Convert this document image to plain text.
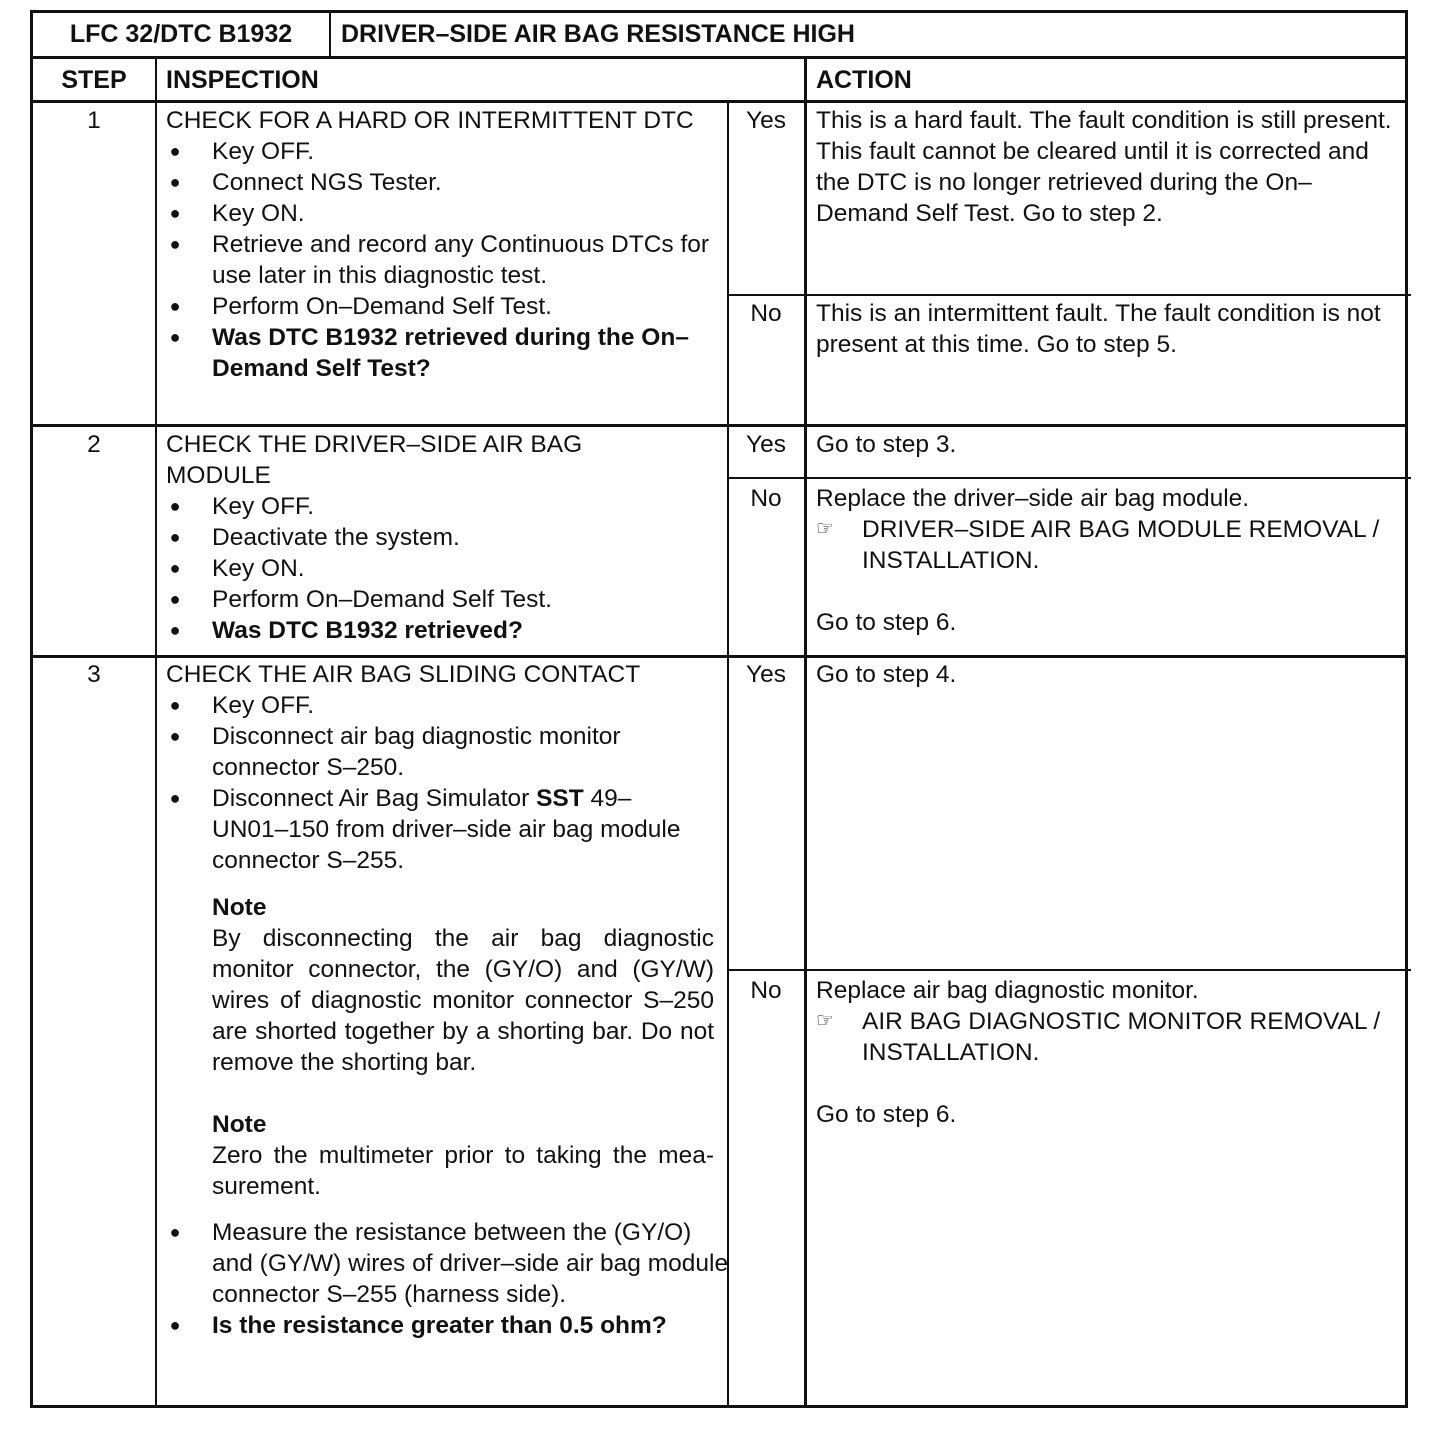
LFC 32/DTC B1932	DRIVER–SIDE AIR BAG RESISTANCE HIGH
STEP	INSPECTION	ACTION
1	CHECK FOR A HARD OR INTERMITTENT DTC

● Key OFF.
● Connect NGS Tester.
● Key ON.
● Retrieve and record any Continuous DTCs for use later in this diagnostic test.
● Perform On–Demand Self Test.
● Was DTC B1932 retrieved during the On–Demand Self Test?
Yes	This is a hard fault. The fault condition is still present. This fault cannot be cleared until it is corrected and the DTC is no longer retrieved during the On–Demand Self Test. Go to step 2.
No	This is an intermittent fault. The fault condition is not present at this time. Go to step 5.
2	CHECK THE DRIVER–SIDE AIR BAG MODULE

● Key OFF.
● Deactivate the system.
● Key ON.
● Perform On–Demand Self Test.
● Was DTC B1932 retrieved?
Yes	Go to step 3.
No	Replace the driver–side air bag module.
☞	DRIVER–SIDE AIR BAG MODULE REMOVAL / INSTALLATION.
Go to step 6.
3	CHECK THE AIR BAG SLIDING CONTACT

● Key OFF.
● Disconnect air bag diagnostic monitor connector S–250.
● Disconnect Air Bag Simulator SST 49–UN01–150 from driver–side air bag module connector S–255.
Note
By disconnecting the air bag diagnostic monitor connector, the (GY/O) and (GY/W) wires of diagnostic monitor connector S–250 are shorted together by a shorting bar. Do not remove the shorting bar.
Note
Zero the multimeter prior to taking the mea- surement.
● Measure the resistance between the (GY/O) and (GY/W) wires of driver–side air bag module connector S–255 (harness side).
● Is the resistance greater than 0.5 ohm?
Yes	Go to step 4.
No	Replace air bag diagnostic monitor.
☞	AIR BAG DIAGNOSTIC MONITOR REMOVAL / INSTALLATION.
Go to step 6.
